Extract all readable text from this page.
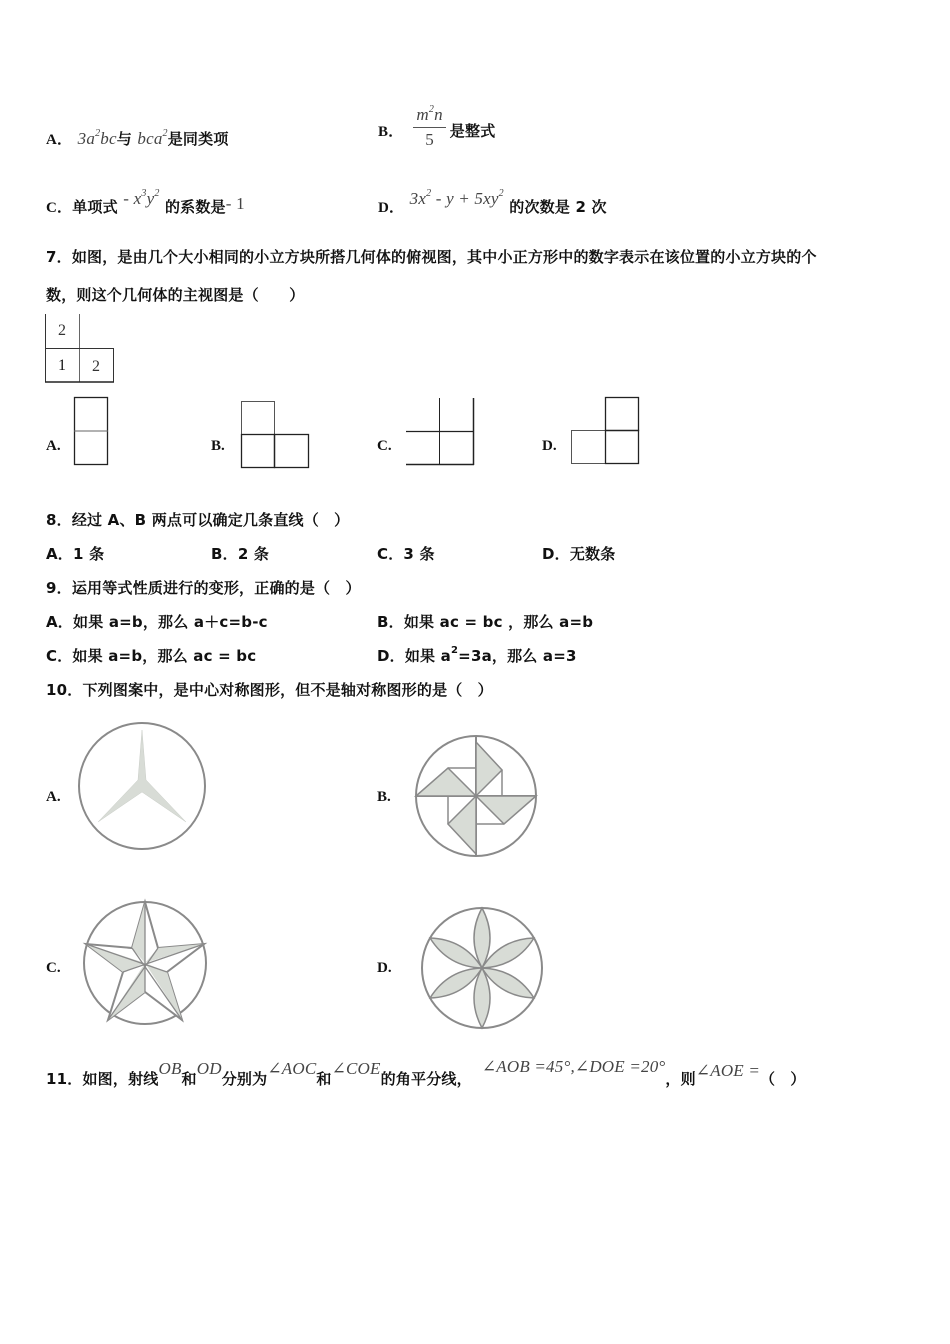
A． $3a^2bc$与 bca$^2$是同类项	B． $\frac{m^2n}{5}$ 是整式
C．单项式 - $x^3y^2$ 的系数是- 1	D． $3x^2 - y + 5xy^2$ 的次数是 2 次
7．如图，是由几个大小相同的小立方块所搭几何体的俯视图，其中小正方形中的数字表示在该位置的小立方块的个
数，则这个几何体的主视图是（　　）
2
1 2
A.	B.	C.	D.
8．经过 A、B 两点可以确定几条直线（　）
A．1 条	B．2 条	C．3 条	D．无数条
9．运用等式性质进行的变形，正确的是（　）
A．如果 a=b，那么 a＋c=b-c	B．如果 ac = bc ，那么 a=b
C．如果 a=b，那么 ac = bc	D．如果 $a^2=3a$，那么 a=3
10．下列图案中，是中心对称图形，但不是轴对称图形的是（　）
A.	B.
C.	D.
11．如图，射线OB和OD分别为∠AOC和∠COE的角平分线，∠AOB =45°,∠DOE =20°，则∠AOE =（　）
